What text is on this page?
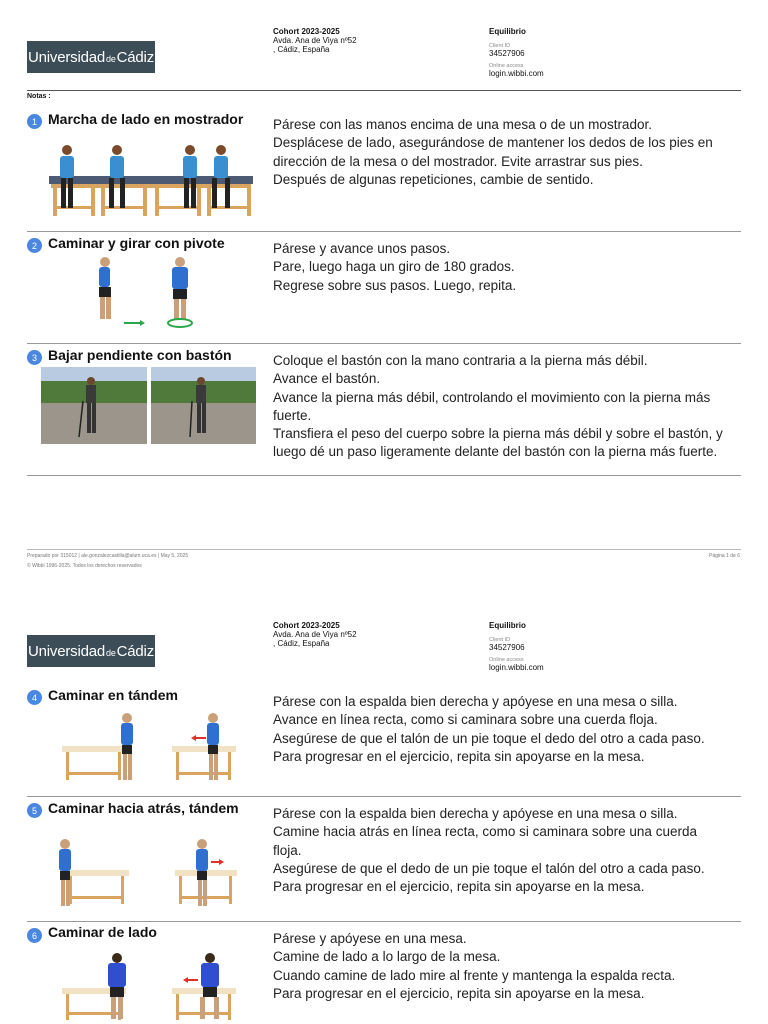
Universidad de Cádiz
Cohort 2023-2025
Avda. Ana de Viya nº52
, Cádiz, España
Equilibrio
Client ID
34527906
Online access
login.wibbi.com
Notas :
1 Marcha de lado en mostrador	Párese con las manos encima de una mesa o de un mostrador.
Desplácese de lado, asegurándose de mantener los dedos de los pies en
dirección de la mesa o del mostrador. Evite arrastrar sus pies.
Después de algunas repeticiones, cambie de sentido.
2 Caminar y girar con pivote	Párese y avance unos pasos.
Pare, luego haga un giro de 180 grados.
Regrese sobre sus pasos. Luego, repita.
3 Bajar pendiente con bastón	Coloque el bastón con la mano contraria a la pierna más débil.
Avance el bastón.
Avance la pierna más débil, controlando el movimiento con la pierna más
fuerte.
Transfiera el peso del cuerpo sobre la pierna más débil y sobre el bastón, y
luego dé un paso ligeramente delante del bastón con la pierna más fuerte.
Preparado por 315012 | ale.gonzalezcastilla@alum.uca.es | May 5, 2025
© Wibbi 1996-2025. Todos los derechos reservados
Página 1 de 6
Universidad de Cádiz
Cohort 2023-2025
Avda. Ana de Viya nº52
, Cádiz, España
Equilibrio
Client ID
34527906
Online access
login.wibbi.com
4 Caminar en tándem	Párese con la espalda bien derecha y apóyese en una mesa o silla.
Avance en línea recta, como si caminara sobre una cuerda floja.
Asegúrese de que el talón de un pie toque el dedo del otro a cada paso.
Para progresar en el ejercicio, repita sin apoyarse en la mesa.
5 Caminar hacia atrás, tándem	Párese con la espalda bien derecha y apóyese en una mesa o silla.
Camine hacia atrás en línea recta, como si caminara sobre una cuerda
floja.
Asegúrese de que el dedo de un pie toque el talón del otro a cada paso.
Para progresar en el ejercicio, repita sin apoyarse en la mesa.
6 Caminar de lado	Párese y apóyese en una mesa.
Camine de lado a lo largo de la mesa.
Cuando camine de lado mire al frente y mantenga la espalda recta.
Para progresar en el ejercicio, repita sin apoyarse en la mesa.
